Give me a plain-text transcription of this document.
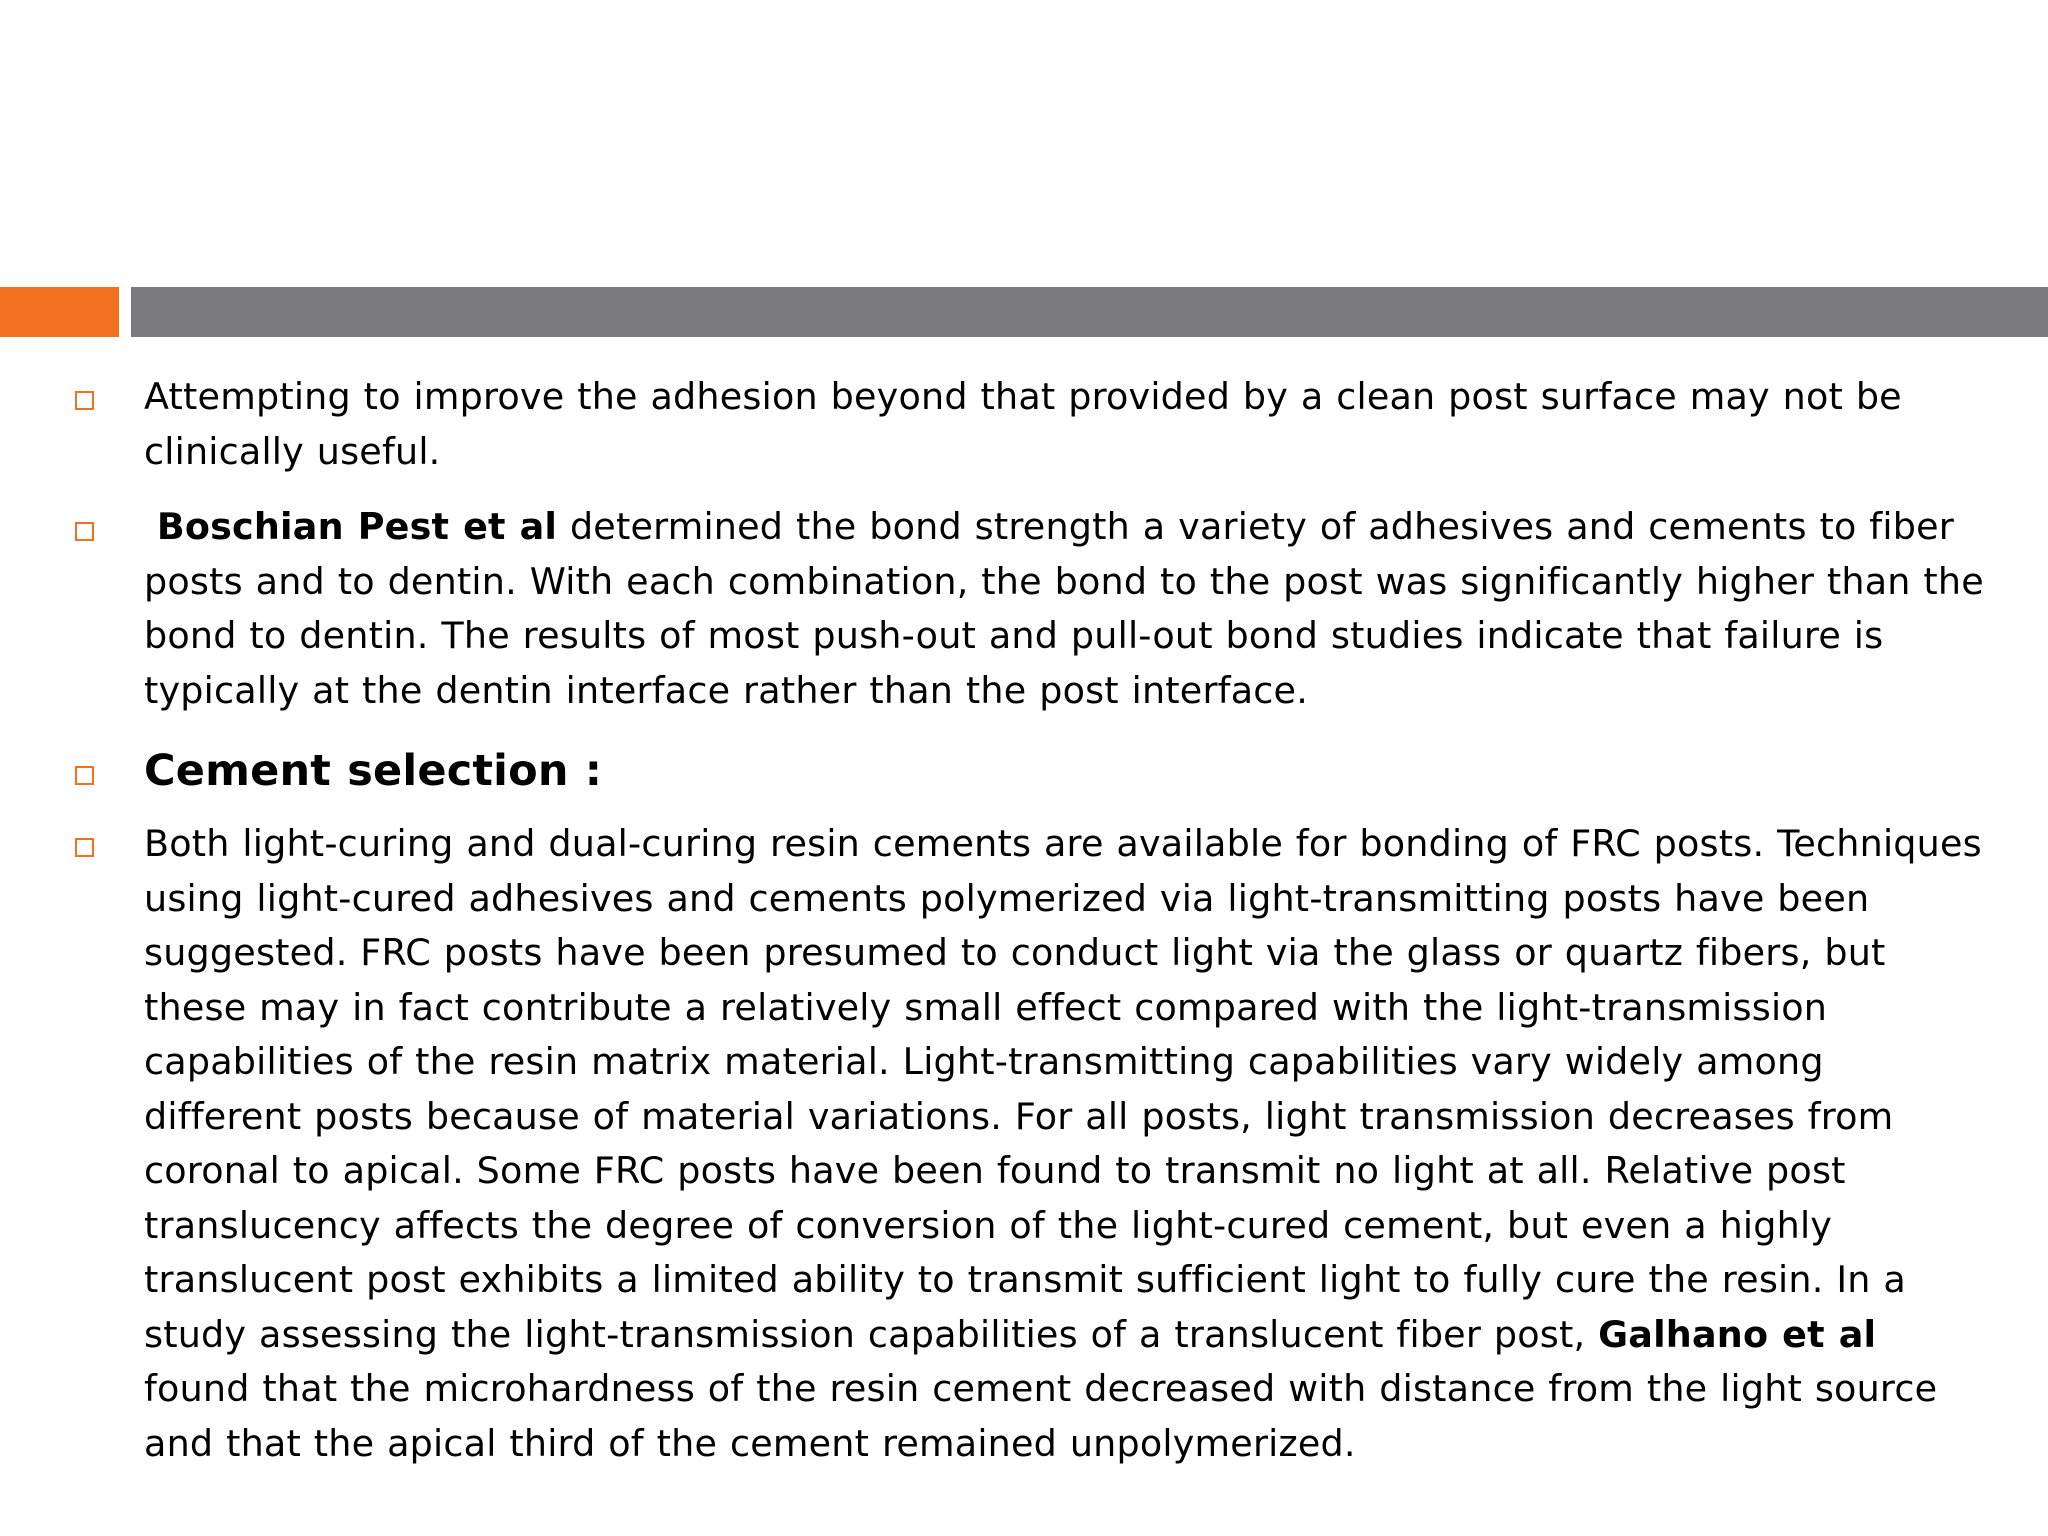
Attempting to improve the adhesion beyond that provided by a clean post surface may not be clinically useful.
Boschian Pest et al determined the bond strength a variety of adhesives and cements to fiber posts and to dentin. With each combination, the bond to the post was significantly higher than the bond to dentin. The results of most push-out and pull-out bond studies indicate that failure is typically at the dentin interface rather than the post interface.
Cement selection :
Both light-curing and dual-curing resin cements are available for bonding of FRC posts. Techniques using light-cured adhesives and cements polymerized via light-transmitting posts have been suggested. FRC posts have been presumed to conduct light via the glass or quartz fibers, but these may in fact contribute a relatively small effect compared with the light-transmission capabilities of the resin matrix material. Light-transmitting capabilities vary widely among different posts because of material variations. For all posts, light transmission decreases from coronal to apical. Some FRC posts have been found to transmit no light at all. Relative post translucency affects the degree of conversion of the light-cured cement, but even a highly translucent post exhibits a limited ability to transmit sufficient light to fully cure the resin. In a study assessing the light-transmission capabilities of a translucent fiber post, Galhano et al found that the microhardness of the resin cement decreased with distance from the light source and that the apical third of the cement remained unpolymerized.
